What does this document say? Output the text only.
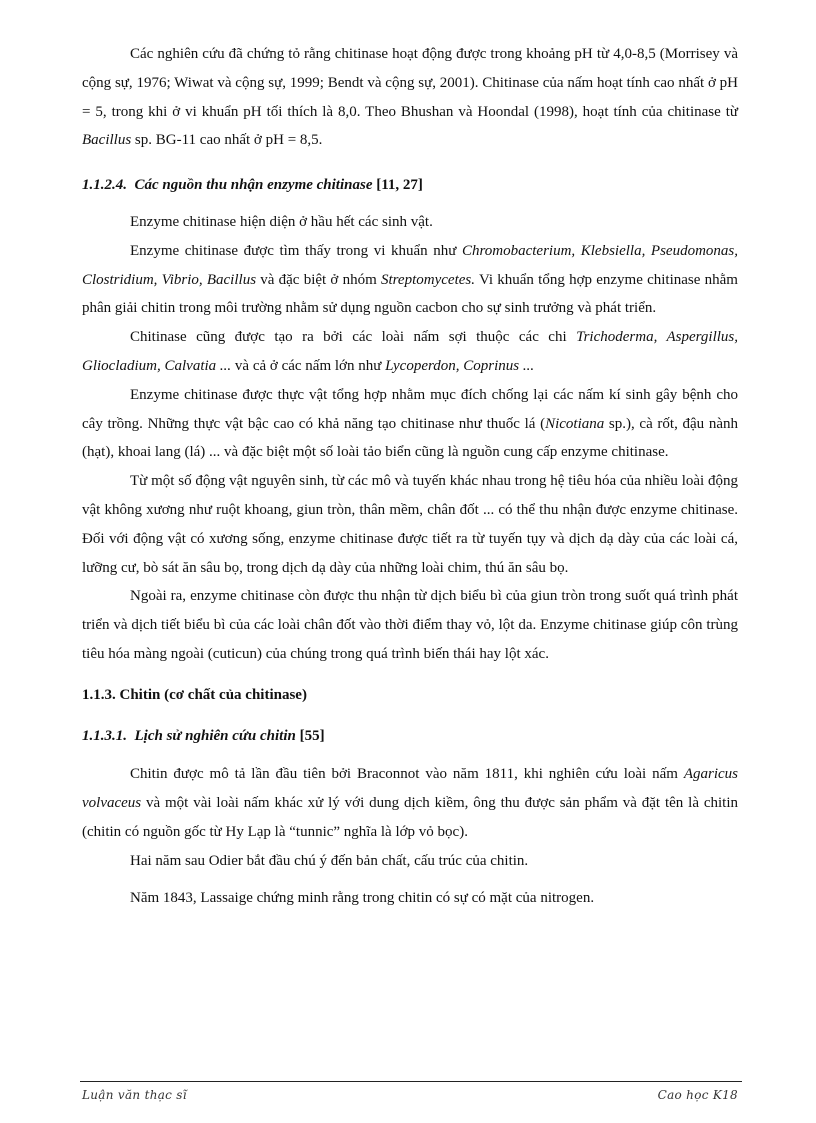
Các nghiên cứu đã chứng tỏ rằng chitinase hoạt động được trong khoảng pH từ 4,0-8,5 (Morrisey và cộng sự, 1976; Wiwat và cộng sự, 1999; Bendt và cộng sự, 2001). Chitinase của nấm hoạt tính cao nhất ở pH = 5, trong khi ở vi khuẩn pH tối thích là 8,0. Theo Bhushan và Hoondal (1998), hoạt tính của chitinase từ Bacillus sp. BG-11 cao nhất ở pH = 8,5.

1.1.2.4. Các nguồn thu nhận enzyme chitinase [11, 27]

Enzyme chitinase hiện diện ở hầu hết các sinh vật.

Enzyme chitinase được tìm thấy trong vi khuẩn như Chromobacterium, Klebsiella, Pseudomonas, Clostridium, Vibrio, Bacillus và đặc biệt ở nhóm Streptomycetes. Vi khuẩn tổng hợp enzyme chitinase nhằm phân giải chitin trong môi trường nhằm sử dụng nguồn cacbon cho sự sinh trưởng và phát triển.

Chitinase cũng được tạo ra bởi các loài nấm sợi thuộc các chi Trichoderma, Aspergillus, Gliocladium, Calvatia ... và cả ở các nấm lớn như Lycoperdon, Coprinus ...

Enzyme chitinase được thực vật tổng hợp nhằm mục đích chống lại các nấm kí sinh gây bệnh cho cây trồng. Những thực vật bậc cao có khả năng tạo chitinase như thuốc lá (Nicotiana sp.), cà rốt, đậu nành (hạt), khoai lang (lá) ... và đặc biệt một số loài tảo biển cũng là nguồn cung cấp enzyme chitinase.

Từ một số động vật nguyên sinh, từ các mô và tuyến khác nhau trong hệ tiêu hóa của nhiều loài động vật không xương như ruột khoang, giun tròn, thân mềm, chân đốt ... có thể thu nhận được enzyme chitinase. Đối với động vật có xương sống, enzyme chitinase được tiết ra từ tuyến tụy và dịch dạ dày của các loài cá, lưỡng cư, bò sát ăn sâu bọ, trong dịch dạ dày của những loài chim, thú ăn sâu bọ.

Ngoài ra, enzyme chitinase còn được thu nhận từ dịch biểu bì của giun tròn trong suốt quá trình phát triển và dịch tiết biểu bì của các loài chân đốt vào thời điểm thay vỏ, lột da. Enzyme chitinase giúp côn trùng tiêu hóa màng ngoài (cuticun) của chúng trong quá trình biến thái hay lột xác.

1.1.3. Chitin (cơ chất của chitinase)
1.1.3.1. Lịch sử nghiên cứu chitin [55]

Chitin được mô tả lần đầu tiên bởi Braconnot vào năm 1811, khi nghiên cứu loài nấm Agaricus volvaceus và một vài loài nấm khác xử lý với dung dịch kiềm, ông thu được sản phẩm và đặt tên là chitin (chitin có nguồn gốc từ Hy Lạp là “tunnic” nghĩa là lớp vỏ bọc).

Hai năm sau Odier bắt đầu chú ý đến bản chất, cấu trúc của chitin.

Năm 1843, Lassaige chứng minh rằng trong chitin có sự có mặt của nitrogen.

Luận văn thạc sĩ	Cao học K18
